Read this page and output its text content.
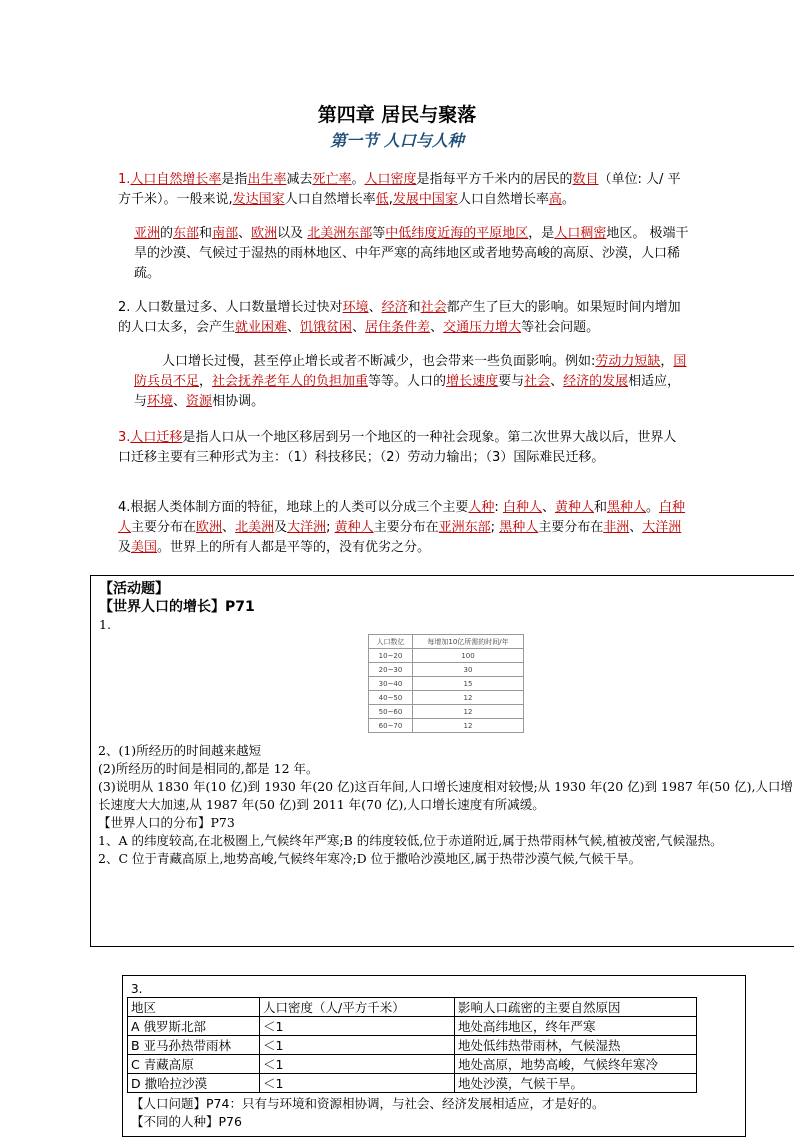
第四章 居民与聚落
第一节 人口与人种

1.人口自然增长率是指出生率减去死亡率。人口密度是指每平方千米内的居民的数目（单位: 人/ 平方千米）。一般来说,发达国家人口自然增长率低,发展中国家人口自然增长率高。

亚洲的东部和南部、欧洲以及 北美洲东部等中低纬度近海的平原地区，是人口稠密地区。 极端干旱的沙漠、气候过于湿热的雨林地区、中年严寒的高纬地区或者地势高峻的高原、沙漠，人口稀疏。

2. 人口数量过多、人口数量增长过快对环境、经济和社会都产生了巨大的影响。如果短时间内增加的人口太多，会产生就业困难、饥饿贫困、居住条件差、交通压力增大等社会问题。

人口增长过慢，甚至停止增长或者不断减少，也会带来一些负面影响。例如:劳动力短缺，国防兵员不足，社会抚养老年人的负担加重等等。人口的增长速度要与社会、经济的发展相适应，与环境、资源相协调。

3.人口迁移是指人口从一个地区移居到另一个地区的一种社会现象。第二次世界大战以后，世界人口迁移主要有三种形式为主：（1）科技移民；（2）劳动力输出；（3）国际难民迁移。

4.根据人类体制方面的特征，地球上的人类可以分成三个主要人种: 白种人、黄种人和黑种人。白种人主要分布在欧洲、北美洲及大洋洲; 黄种人主要分布在亚洲东部; 黑种人主要分布在非洲、大洋洲及美国。世界上的所有人都是平等的，没有优劣之分。

【活动题】
【世界人口的增长】P71
1.
人口数亿	每增加10亿所需的时间/年
10~20	100
20~30	30
30~40	15
40~50	12
50~60	12
60~70	12
2、(1)所经历的时间越来越短
(2)所经历的时间是相同的,都是 12 年。
(3)说明从 1830 年(10 亿)到 1930 年(20 亿)这百年间,人口增长速度相对较慢;从 1930 年(20 亿)到 1987 年(50 亿),人口增长速度大大加速,从 1987 年(50 亿)到 2011 年(70 亿),人口增长速度有所减缓。
【世界人口的分布】P73
1、A 的纬度较高,在北极圈上,气候终年严寒;B 的纬度较低,位于赤道附近,属于热带雨林气候,植被茂密,气候湿热。
2、C 位于青藏高原上,地势高峻,气候终年寒冷;D 位于撒哈沙漠地区,属于热带沙漠气候,气候干旱。
3.
地区	人口密度（人/平方千米）	影响人口疏密的主要自然原因
A 俄罗斯北部	＜1	地处高纬地区，终年严寒
B 亚马孙热带雨林	＜1	地处低纬热带雨林，气候湿热
C 青藏高原	＜1	地处高原，地势高峻，气候终年寒冷
D 撒哈拉沙漠	＜1	地处沙漠，气候干旱。
【人口问题】P74：只有与环境和资源相协调，与社会、经济发展相适应，才是好的。
【不同的人种】P76
